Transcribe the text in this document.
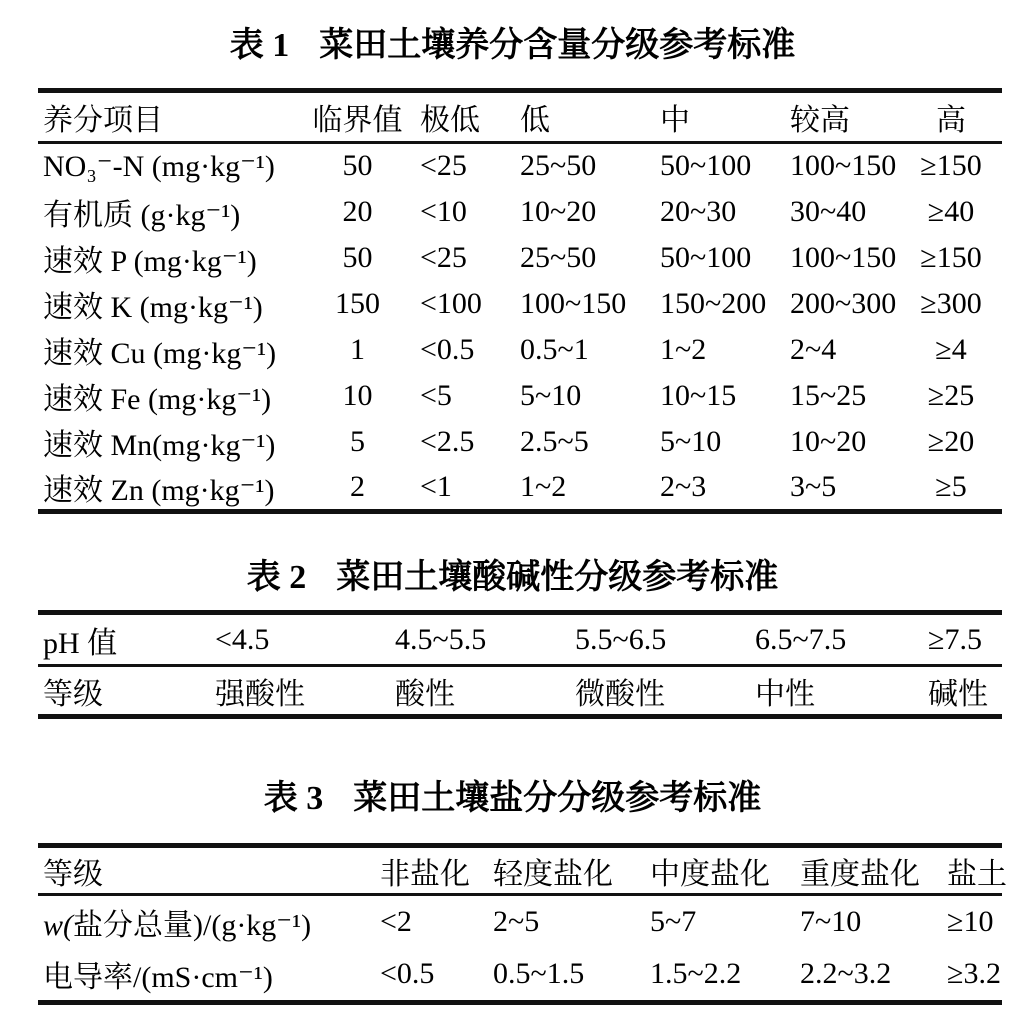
表 1 菜田土壤养分含量分级参考标准
养分项目	临界值	极低	低	中	较高	高
NO₃⁻-N (mg·kg⁻¹)	50	<25	25~50	50~100	100~150	≥150
有机质 (g·kg⁻¹)	20	<10	10~20	20~30	30~40	≥40
速效 P (mg·kg⁻¹)	50	<25	25~50	50~100	100~150	≥150
速效 K (mg·kg⁻¹)	150	<100	100~150	150~200	200~300	≥300
速效 Cu (mg·kg⁻¹)	1	<0.5	0.5~1	1~2	2~4	≥4
速效 Fe (mg·kg⁻¹)	10	<5	5~10	10~15	15~25	≥25
速效 Mn(mg·kg⁻¹)	5	<2.5	2.5~5	5~10	10~20	≥20
速效 Zn (mg·kg⁻¹)	2	<1	1~2	2~3	3~5	≥5
表 2 菜田土壤酸碱性分级参考标准
pH 值	<4.5	4.5~5.5	5.5~6.5	6.5~7.5	≥7.5
等级	强酸性	酸性	微酸性	中性	碱性
表 3 菜田土壤盐分分级参考标准
等级	非盐化	轻度盐化	中度盐化	重度盐化	盐土
w(盐分总量)/(g·kg⁻¹)	<2	2~5	5~7	7~10	≥10
电导率/(mS·cm⁻¹)	<0.5	0.5~1.5	1.5~2.2	2.2~3.2	≥3.2
